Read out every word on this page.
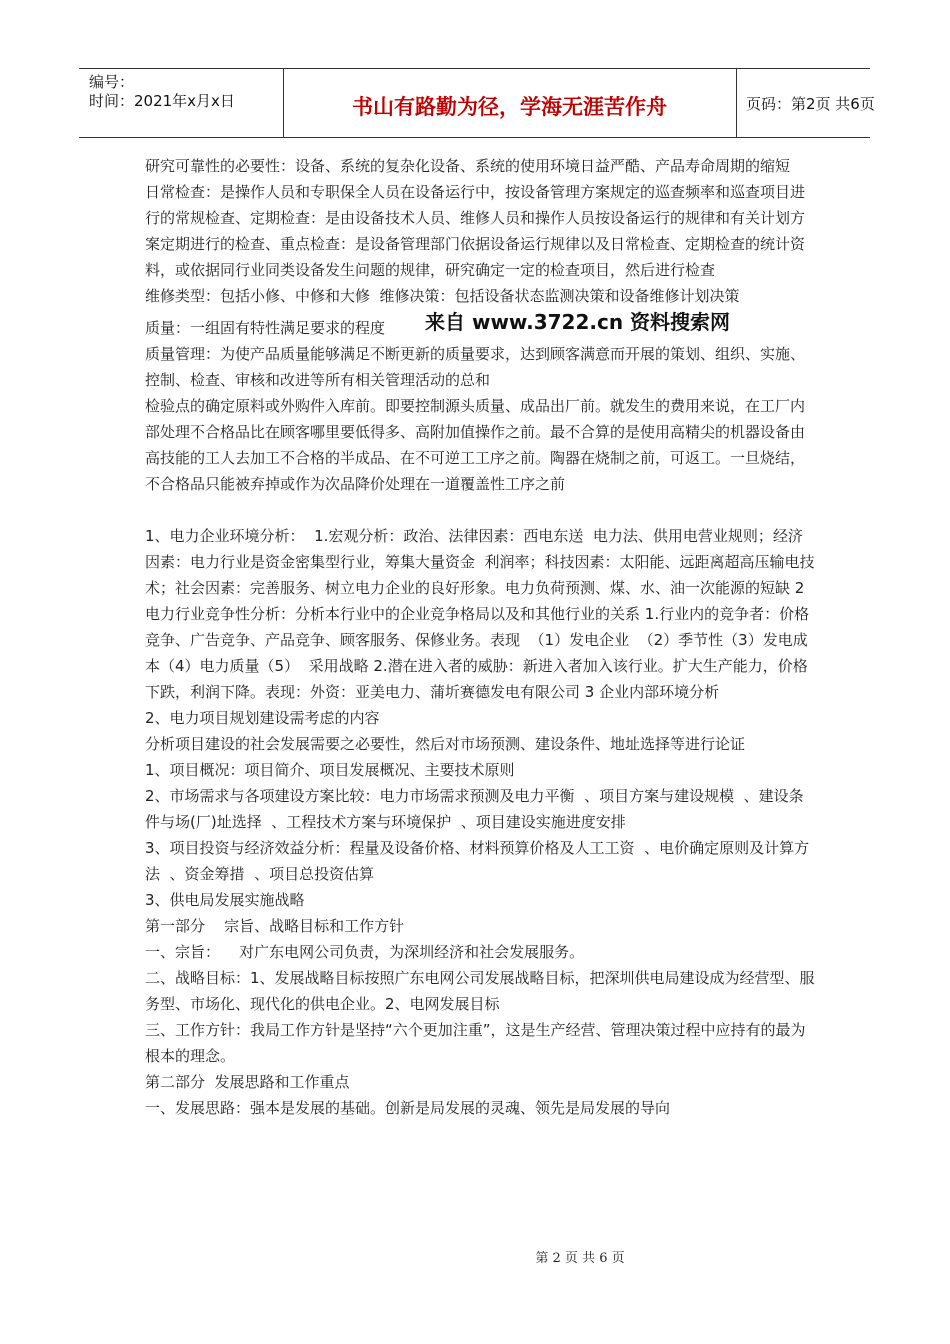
编号：
时间：2021年x月x日	书山有路勤为径，学海无涯苦作舟	页码：第2页 共6页

研究可靠性的必要性：设备、系统的复杂化设备、系统的使用环境日益严酷、产品寿命周期的缩短

日常检查：是操作人员和专职保全人员在设备运行中，按设备管理方案规定的巡查频率和巡查项目进行的常规检查、定期检查：是由设备技术人员、维修人员和操作人员按设备运行的规律和有关计划方案定期进行的检查、重点检查：是设备管理部门依据设备运行规律以及日常检查、定期检查的统计资料，或依据同行业同类设备发生问题的规律，研究确定一定的检查项目，然后进行检查

维修类型：包括小修、中修和大修  维修决策：包括设备状态监测决策和设备维修计划决策

质量：一组固有特性满足要求的程度 来自 www.3722.cn 资料搜索网

质量管理：为使产品质量能够满足不断更新的质量要求，达到顾客满意而开展的策划、组织、实施、控制、检查、审核和改进等所有相关管理活动的总和

检验点的确定原料或外购件入库前。即要控制源头质量、成品出厂前。就发生的费用来说，在工厂内部处理不合格品比在顾客哪里要低得多、高附加值操作之前。最不合算的是使用高精尖的机器设备由高技能的工人去加工不合格的半成品、在不可逆工工序之前。陶器在烧制之前，可返工。一旦烧结，不合格品只能被弃掉或作为次品降价处理在一道覆盖性工序之前

1、电力企业环境分析：  1.宏观分析：政治、法律因素：西电东送  电力法、供用电营业规则；经济因素：电力行业是资金密集型行业，筹集大量资金  利润率；科技因素：太阳能、远距离超高压输电技术；社会因素：完善服务、树立电力企业的良好形象。电力负荷预测、煤、水、油一次能源的短缺 2 电力行业竞争性分析：分析本行业中的企业竞争格局以及和其他行业的关系 1.行业内的竞争者：价格竞争、广告竞争、产品竞争、顾客服务、保修业务。表现  （1）发电企业  （2）季节性（3）发电成本（4）电力质量（5）  采用战略 2.潜在进入者的威胁：新进入者加入该行业。扩大生产能力，价格下跌，利润下降。表现：外资：亚美电力、蒲圻赛德发电有限公司 3 企业内部环境分析

2、电力项目规划建设需考虑的内容

分析项目建设的社会发展需要之必要性，然后对市场预测、建设条件、地址选择等进行论证

1、项目概况：项目简介、项目发展概况、主要技术原则

2、市场需求与各项建设方案比较：电力市场需求预测及电力平衡  、项目方案与建设规模  、建设条件与场(厂)址选择  、工程技术方案与环境保护  、项目建设实施进度安排

3、项目投资与经济效益分析：程量及设备价格、材料预算价格及人工工资  、电价确定原则及计算方法  、资金筹措  、项目总投资估算

3、供电局发展实施战略

第一部分    宗旨、战略目标和工作方针

一、宗旨：    对广东电网公司负责，为深圳经济和社会发展服务。

二、战略目标：1、发展战略目标按照广东电网公司发展战略目标，把深圳供电局建设成为经营型、服务型、市场化、现代化的供电企业。2、电网发展目标

三、工作方针：我局工作方针是坚持“六个更加注重”，这是生产经营、管理决策过程中应持有的最为根本的理念。

第二部分  发展思路和工作重点

一、发展思路：强本是发展的基础。创新是局发展的灵魂、领先是局发展的导向

第 2 页 共 6 页
